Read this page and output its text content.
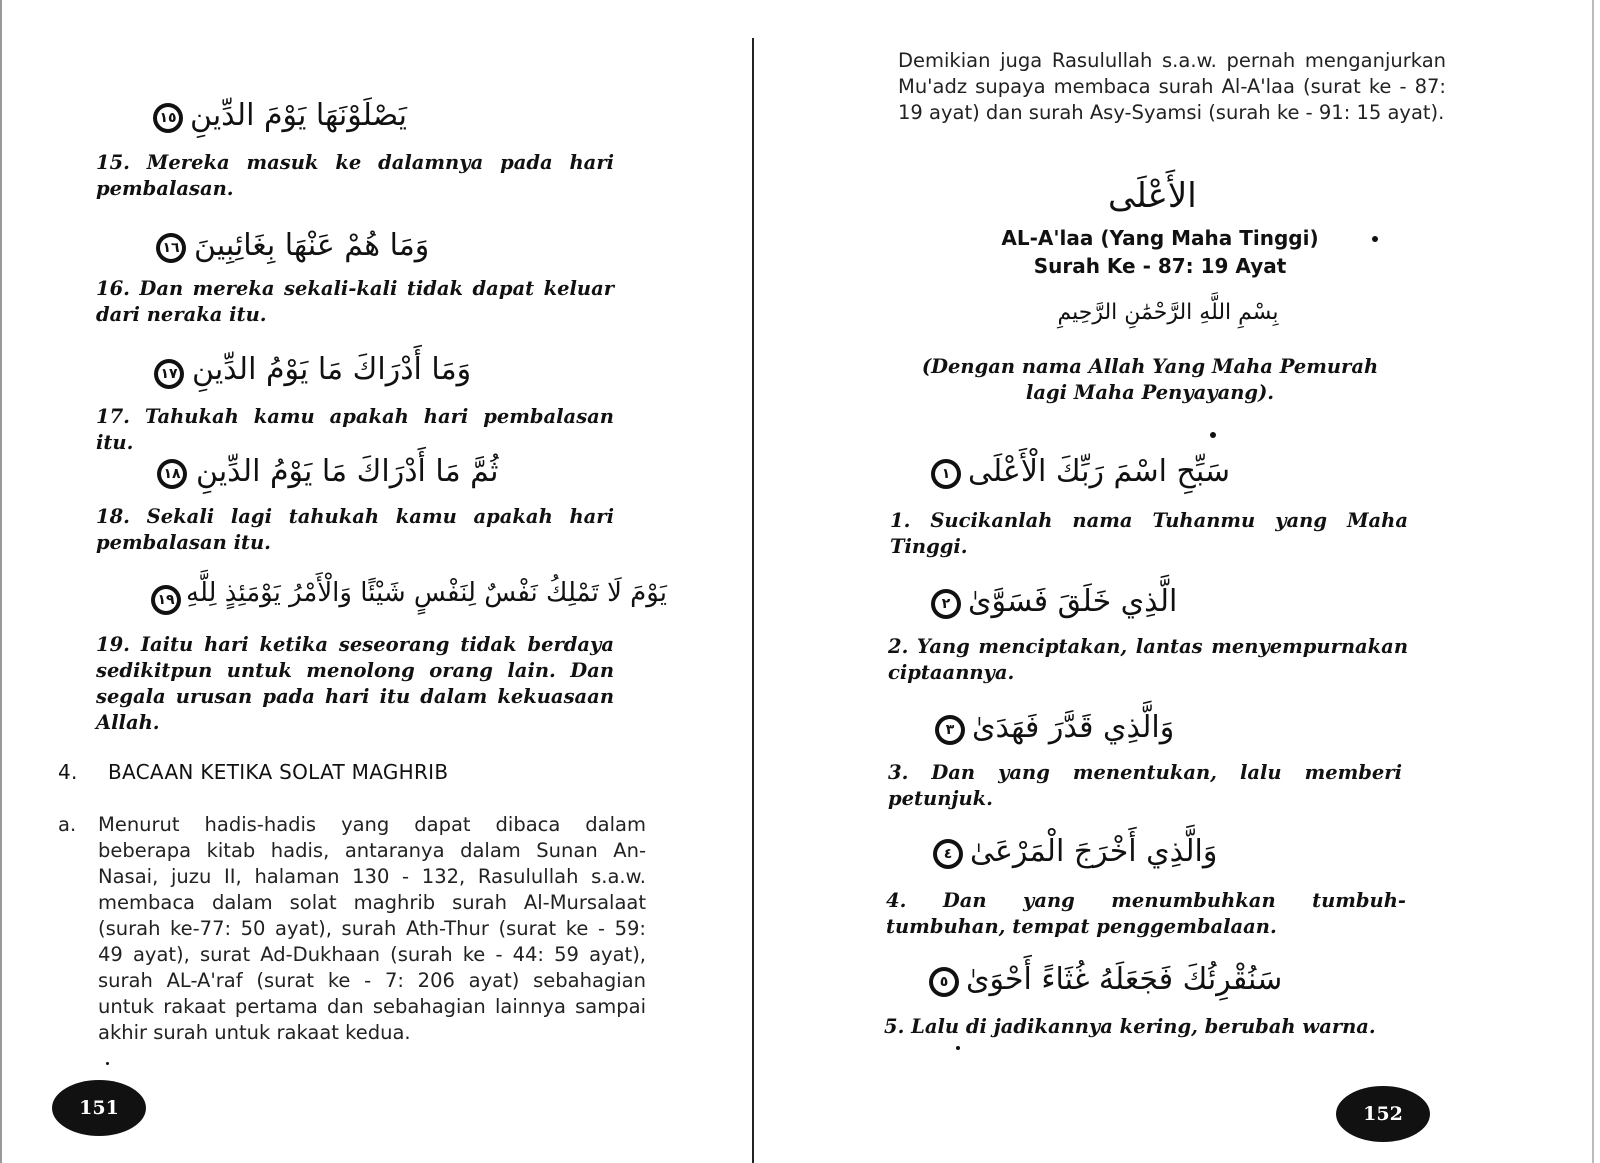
١٥ يَصْلَوْنَهَا يَوْمَ الدِّينِ
15. Mereka masuk ke dalamnya pada hari pembalasan.
١٦ وَمَا هُمْ عَنْهَا بِغَائِبِينَ
16. Dan mereka sekali-kali tidak dapat keluar dari neraka itu.
١٧ وَمَا أَدْرَاكَ مَا يَوْمُ الدِّينِ
17. Tahukah kamu apakah hari pembalasan itu.
١٨ ثُمَّ مَا أَدْرَاكَ مَا يَوْمُ الدِّينِ
18. Sekali lagi tahukah kamu apakah hari pembalasan itu.
١٩ يَوْمَ لَا تَمْلِكُ نَفْسٌ لِنَفْسٍ شَيْئًا وَالْأَمْرُ يَوْمَئِذٍ لِلَّهِ
19. Iaitu hari ketika seseorang tidak berdaya sedikitpun untuk menolong orang lain. Dan segala urusan pada hari itu dalam kekuasaan Allah.
4. BACAAN KETIKA SOLAT MAGHRIB
a. Menurut hadis-hadis yang dapat dibaca dalam beberapa kitab hadis, antaranya dalam Sunan An-Nasai, juzu II, halaman 130 - 132, Rasulullah s.a.w. membaca dalam solat maghrib surah Al-Mursalaat (surah ke-77: 50 ayat), surah Ath-Thur (surat ke - 59: 49 ayat), surat Ad-Dukhaan (surah ke - 44: 59 ayat), surah AL-A'raf (surat ke - 7: 206 ayat) sebahagian untuk rakaat pertama dan sebahagian lainnya sampai akhir surah untuk rakaat kedua.
151
Demikian juga Rasulullah s.a.w. pernah menganjurkan Mu'adz supaya membaca surah Al-A'laa (surat ke - 87: 19 ayat) dan surah Asy-Syamsi (surah ke - 91: 15 ayat).
الأَعْلَى
AL-A'laa (Yang Maha Tinggi)
Surah Ke - 87: 19 Ayat
بِسْمِ اللَّهِ الرَّحْمَٰنِ الرَّحِيمِ
(Dengan nama Allah Yang Maha Pemurah lagi Maha Penyayang).
١ سَبِّحِ اسْمَ رَبِّكَ الْأَعْلَى
1. Sucikanlah nama Tuhanmu yang Maha Tinggi.
٢ الَّذِي خَلَقَ فَسَوَّىٰ
2. Yang menciptakan, lantas menyempurnakan ciptaannya.
٣ وَالَّذِي قَدَّرَ فَهَدَىٰ
3. Dan yang menentukan, lalu memberi petunjuk.
٤ وَالَّذِي أَخْرَجَ الْمَرْعَىٰ
4. Dan yang menumbuhkan tumbuh-tumbuhan, tempat penggembalaan.
٥ سَنُقْرِئُكَ فَجَعَلَهُ غُثَاءً أَحْوَىٰ
5. Lalu di jadikannya kering, berubah warna.
152
